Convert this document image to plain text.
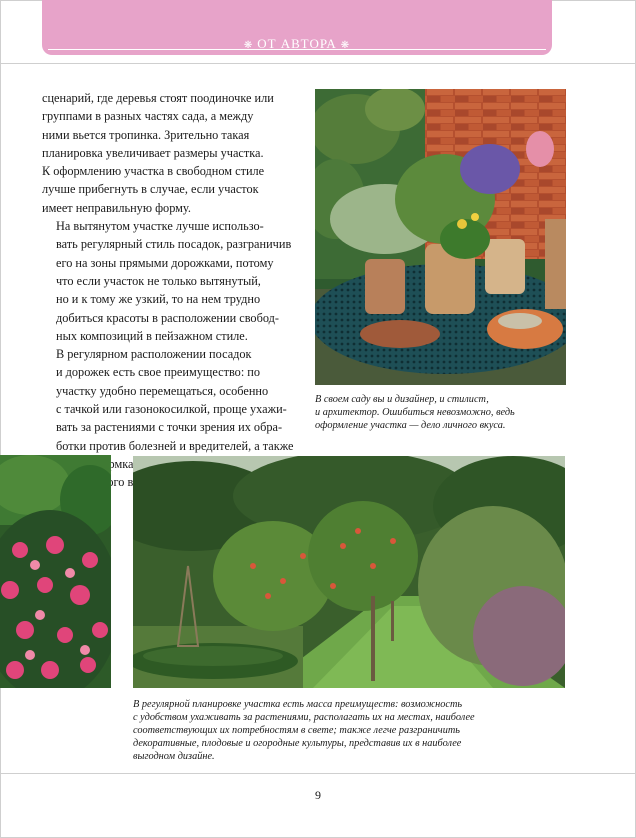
❋ ОТ АВТОРА ❋

сценарий, где деревья стоят поодиночке или
группами в разных частях сада, а между
ними вьется тропинка. Зрительно такая
планировка увеличивает размеры участка.
К оформлению участка в свободном стиле
лучше прибегнуть в случае, если участок
имеет неправильную форму.

На вытянутом участке лучше использо-
вать регулярный стиль посадок, разграничив
его на зоны прямыми дорожками, потому
что если участок не только вытянутый,
но и к тому же узкий, то на нем трудно
добиться красоты в расположении свобод-
ных композиций в пейзажном стиле.

В регулярном расположении посадок
и дорожек есть свое преимущество: по
участку удобно перемещаться, особенно
с тачкой или газонокосилкой, проще ухажи-
вать за растениями с точки зрения их обра-
ботки против болезней и вредителей, а также

В своем саду вы и дизайнер, и стилист,
и архитектор. Ошибиться невозможно, ведь
оформление участка — дело личного вкуса.
В регулярной планировке участка есть масса преимуществ: возможность
с удобством ухаживать за растениями, располагать их на местах, наиболее
соответствующих их потребностям в свете; также легче разграничить
декоративные, плодовые и огородные культуры, представив их в наиболее
выгодном дизайне.
9
